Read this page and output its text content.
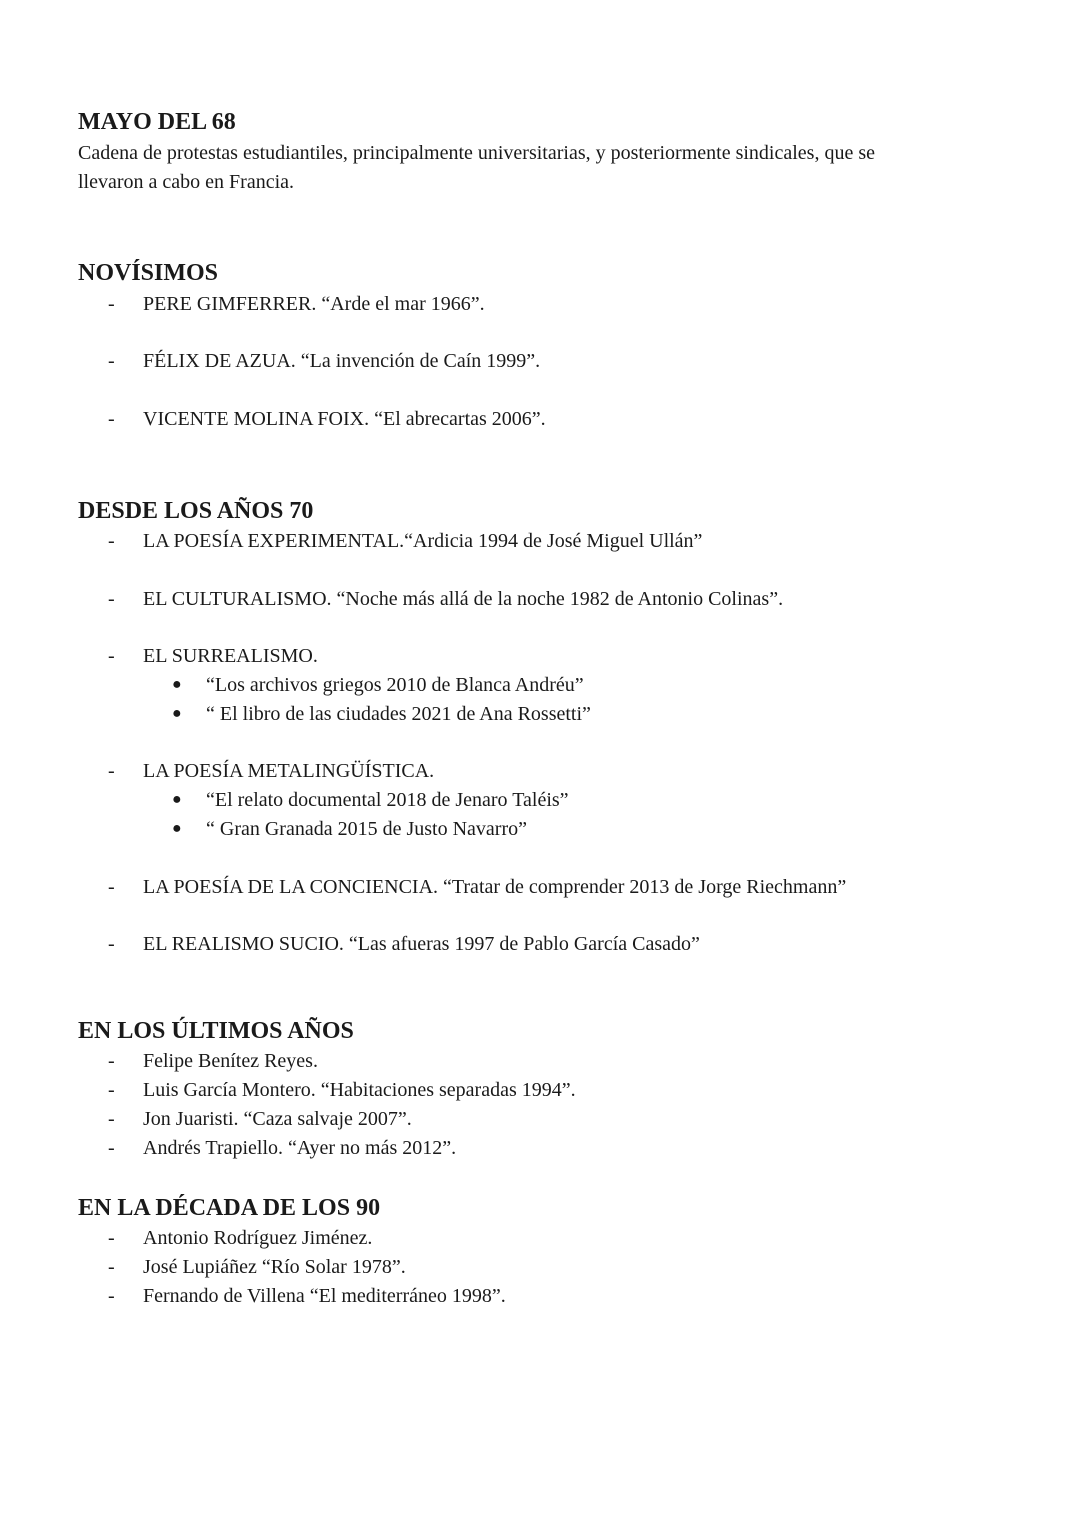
MAYO DEL 68
Cadena de protestas estudiantiles, principalmente universitarias, y posteriormente sindicales, que se
llevaron a cabo en Francia.
NOVÍSIMOS
- PERE GIMFERRER. “Arde el mar 1966”.
- FÉLIX DE AZUA. “La invención de Caín 1999”.
- VICENTE MOLINA FOIX. “El abrecartas 2006”.
DESDE LOS AÑOS 70
- LA POESÍA EXPERIMENTAL.“Ardicia 1994 de José Miguel Ullán”
- EL CULTURALISMO. “Noche más allá de la noche 1982 de Antonio Colinas”.
- EL SURREALISMO.
● “Los archivos griegos 2010 de Blanca Andréu”
● “ El libro de las ciudades 2021 de Ana Rossetti”
- LA POESÍA METALINGÜÍSTICA.
● “El relato documental 2018 de Jenaro Taléis”
● “ Gran Granada 2015 de Justo Navarro”
- LA POESÍA DE LA CONCIENCIA. “Tratar de comprender 2013 de Jorge Riechmann”
- EL REALISMO SUCIO. “Las afueras 1997 de Pablo García Casado”
EN LOS ÚLTIMOS AÑOS
- Felipe Benítez Reyes.
- Luis García Montero. “Habitaciones separadas 1994”.
- Jon Juaristi. “Caza salvaje 2007”.
- Andrés Trapiello. “Ayer no más 2012”.
EN LA DÉCADA DE LOS 90
- Antonio Rodríguez Jiménez.
- José Lupiáñez “Río Solar 1978”.
- Fernando de Villena “El mediterráneo 1998”.
